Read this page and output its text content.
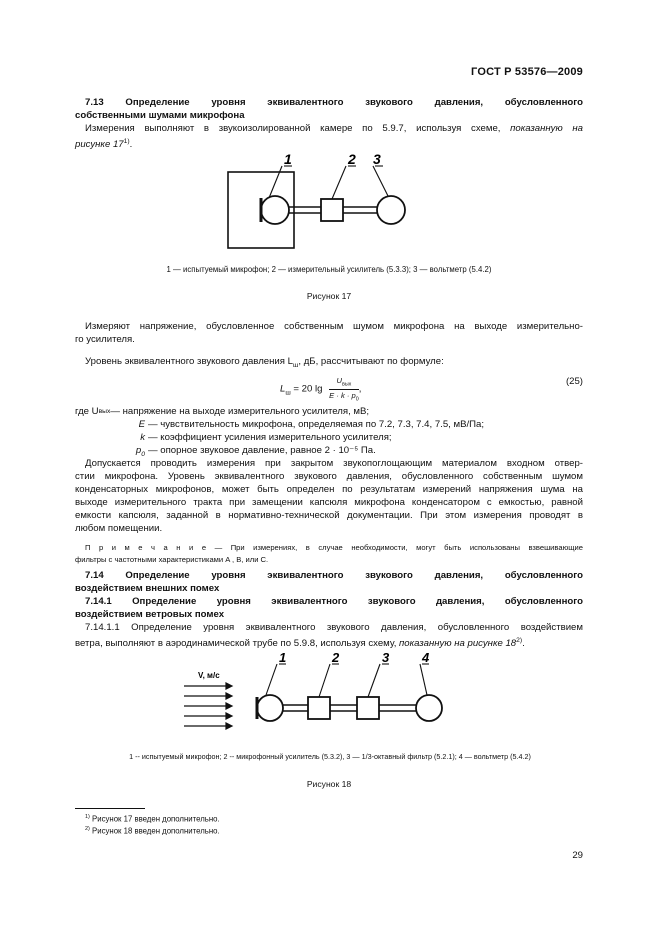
ГОСТ Р 53576—2009
7.13 Определение уровня эквивалентного звукового давления, обусловленного
собственными шумами микрофона
Измерения выполняют в звукоизолированной камере по 5.9.7, используя схеме, показанную на
рисунке 17$^{1)}$.
1	2 3
1 — испытуемый микрофон; 2 — измерительный усилитель (5.3.3); 3 — вольтметр (5.4.2)
Рисунок 17
Измеряют напряжение, обусловленное собственным шумом микрофона на выходе измерительно-
го усилителя.
Уровень эквивалентного звукового давления $L_ш$, дБ, рассчитывают по формуле:
$L_ш = 20$ $\lg \frac{U_{вых}}{E \cdot k \cdot p_0}$ ,
(25)
где U вых — напряжение на выходе измерительного усилителя, мВ;
E — чувствительность микрофона, определяемая по 7.2, 7.3, 7.4, 7.5, мВ/Па;
k — коэффициент усиления измерительного усилителя;
$p_0$ — опорное звуковое давление, равное 2 · 10⁻⁵ Па.
Допускается проводить измерения при закрытом звукопоглощающим материалом входном отвер-
стии микрофона. Уровень эквивалентного звукового давления, обусловленного собственным шумом
конденсаторных микрофонов, может быть определен по результатам измерений напряжения шума на
выходе измерительного тракта при замещении капсюля микрофона конденсатором с емкостью, равной
емкости капсюля, заданной в нормативно-технической документации. При этом измерения проводят в
любом помещении.
П р и м е ч а н и е — При измерениях, в случае необходимости, могут быть использованы взвешивающие
фильтры с частотными характеристиками A , B, или C.
7.14 Определение уровня эквивалентного звукового давления, обусловленного
воздействием внешних помех
7.14.1 Определение уровня эквивалентного звукового давления, обусловленного
воздействием ветровых помех
7.14.1.1 Определение уровня эквивалентного звукового давления, обусловленного воздействием
ветра, выполняют в аэродинамической трубе по 5.9.8, используя схему, показанную на рисунке 18$^{2)}$.
V, м/с
1	2	3	4
1 -- испытуемый микрофон; 2 -- микрофонный усилитель (5.3.2), 3 — 1/3-октавный фильтр (5.2.1); 4 — вольтметр (5.4.2)
Рисунок 18
$^{1)}$ Рисунок 17 введен дополнительно.
$^{2)}$ Рисунок 18 введен дополнительно.
29
